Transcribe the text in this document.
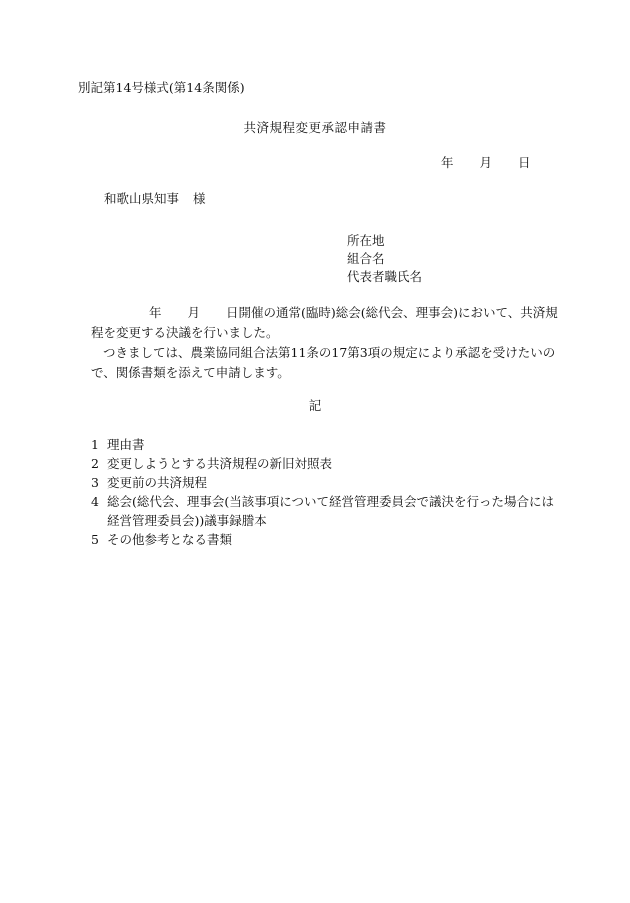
別記第14号様式(第14条関係)
共済規程変更承認申請書
年 月 日
和歌山県知事 様
所在地
組合名
代表者職氏名

年 月 日開催の通常(臨時)総会(総代会、理事会)において、共済規程を変更する決議を行いました。

つきましては、農業協同組合法第11条の17第3項の規定により承認を受けたいので、関係書類を添えて申請します。

記
1 理由書
2 変更しようとする共済規程の新旧対照表
3 変更前の共済規程
4 総会(総代会、理事会(当該事項について経営管理委員会で議決を行った場合には経営管理委員会))議事録謄本
5 その他参考となる書類
